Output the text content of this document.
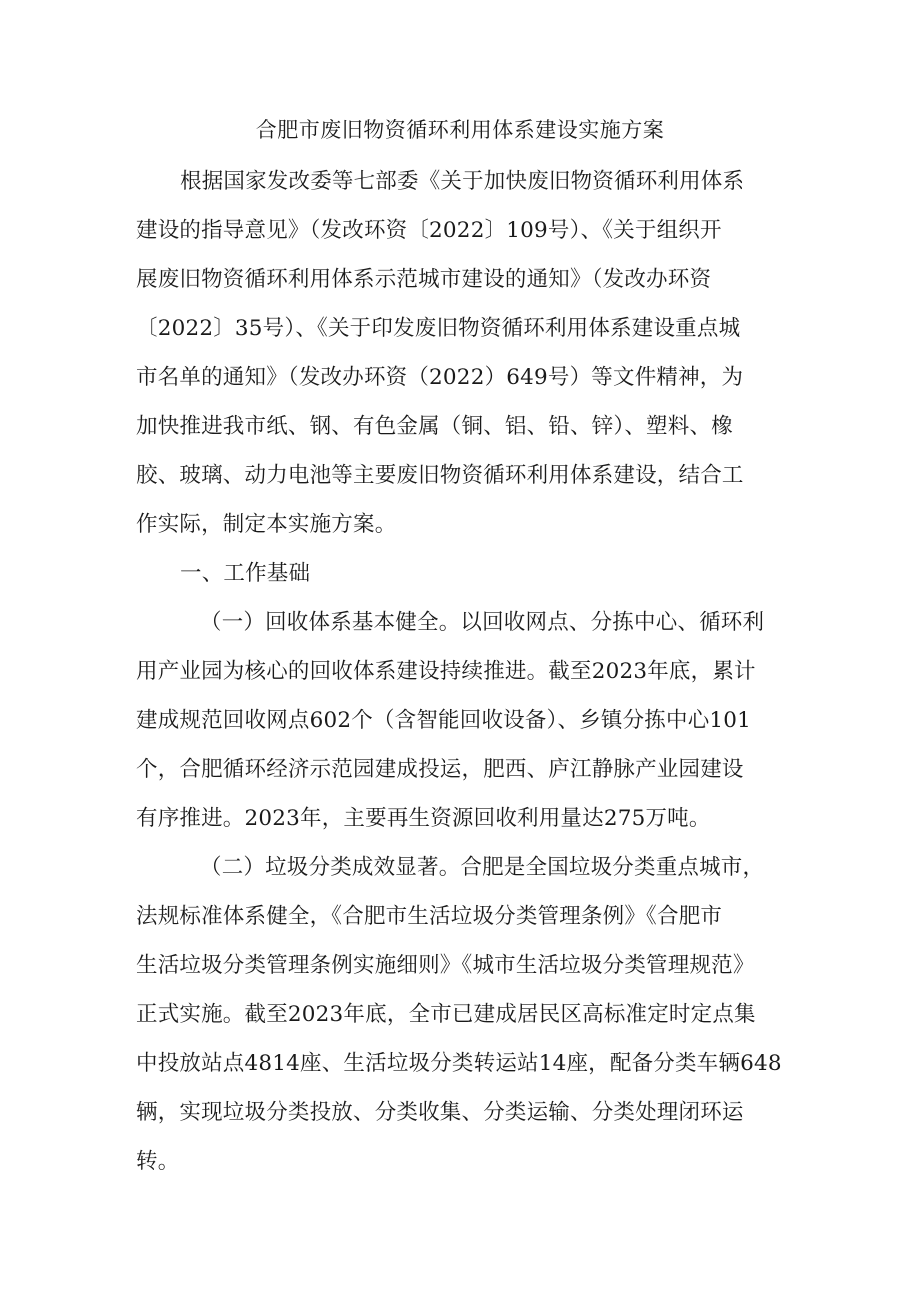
合肥市废旧物资循环利用体系建设实施方案
根据国家发改委等七部委《关于加快废旧物资循环利用体系
建设的指导意见》（发改环资〔2022〕109号）、《关于组织开
展废旧物资循环利用体系示范城市建设的通知》（发改办环资
〔2022〕35号）、《关于印发废旧物资循环利用体系建设重点城
市名单的通知》（发改办环资（2022）649号）等文件精神，为
加快推进我市纸、钢、有色金属（铜、铝、铅、锌）、塑料、橡
胶、玻璃、动力电池等主要废旧物资循环利用体系建设，结合工
作实际，制定本实施方案。
一、工作基础
（一）回收体系基本健全。以回收网点、分拣中心、循环利
用产业园为核心的回收体系建设持续推进。截至2023年底，累计
建成规范回收网点602个（含智能回收设备）、乡镇分拣中心101
个，合肥循环经济示范园建成投运，肥西、庐江静脉产业园建设
有序推进。2023年，主要再生资源回收利用量达275万吨。
（二）垃圾分类成效显著。合肥是全国垃圾分类重点城市，
法规标准体系健全，《合肥市生活垃圾分类管理条例》《合肥市
生活垃圾分类管理条例实施细则》《城市生活垃圾分类管理规范》
正式实施。截至2023年底，全市已建成居民区高标准定时定点集
中投放站点4814座、生活垃圾分类转运站14座，配备分类车辆648
辆，实现垃圾分类投放、分类收集、分类运输、分类处理闭环运
转。
